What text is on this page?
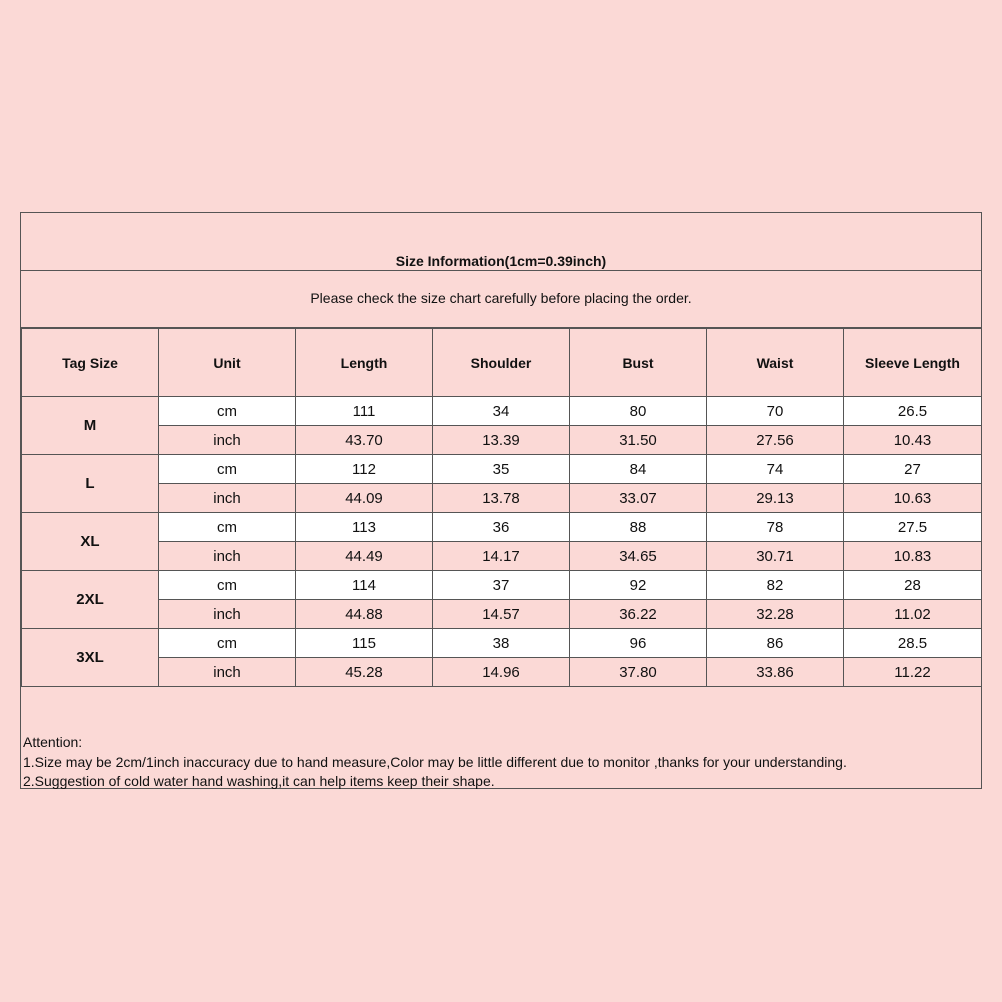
Size Information(1cm=0.39inch)
Please check the size chart carefully before placing the order.
Tag Size	Unit	Length	Shoulder	Bust	Waist	Sleeve Length
M	cm	111	34	80	70	26.5
	inch	43.70	13.39	31.50	27.56	10.43
L	cm	112	35	84	74	27
	inch	44.09	13.78	33.07	29.13	10.63
XL	cm	113	36	88	78	27.5
	inch	44.49	14.17	34.65	30.71	10.83
2XL	cm	114	37	92	82	28
	inch	44.88	14.57	36.22	32.28	11.02
3XL	cm	115	38	96	86	28.5
	inch	45.28	14.96	37.80	33.86	11.22
Attention:
1.Size may be 2cm/1inch inaccuracy due to hand measure,Color may be little different due to monitor ,thanks for your understanding.
2.Suggestion of cold water hand washing,it can help items keep their shape.
